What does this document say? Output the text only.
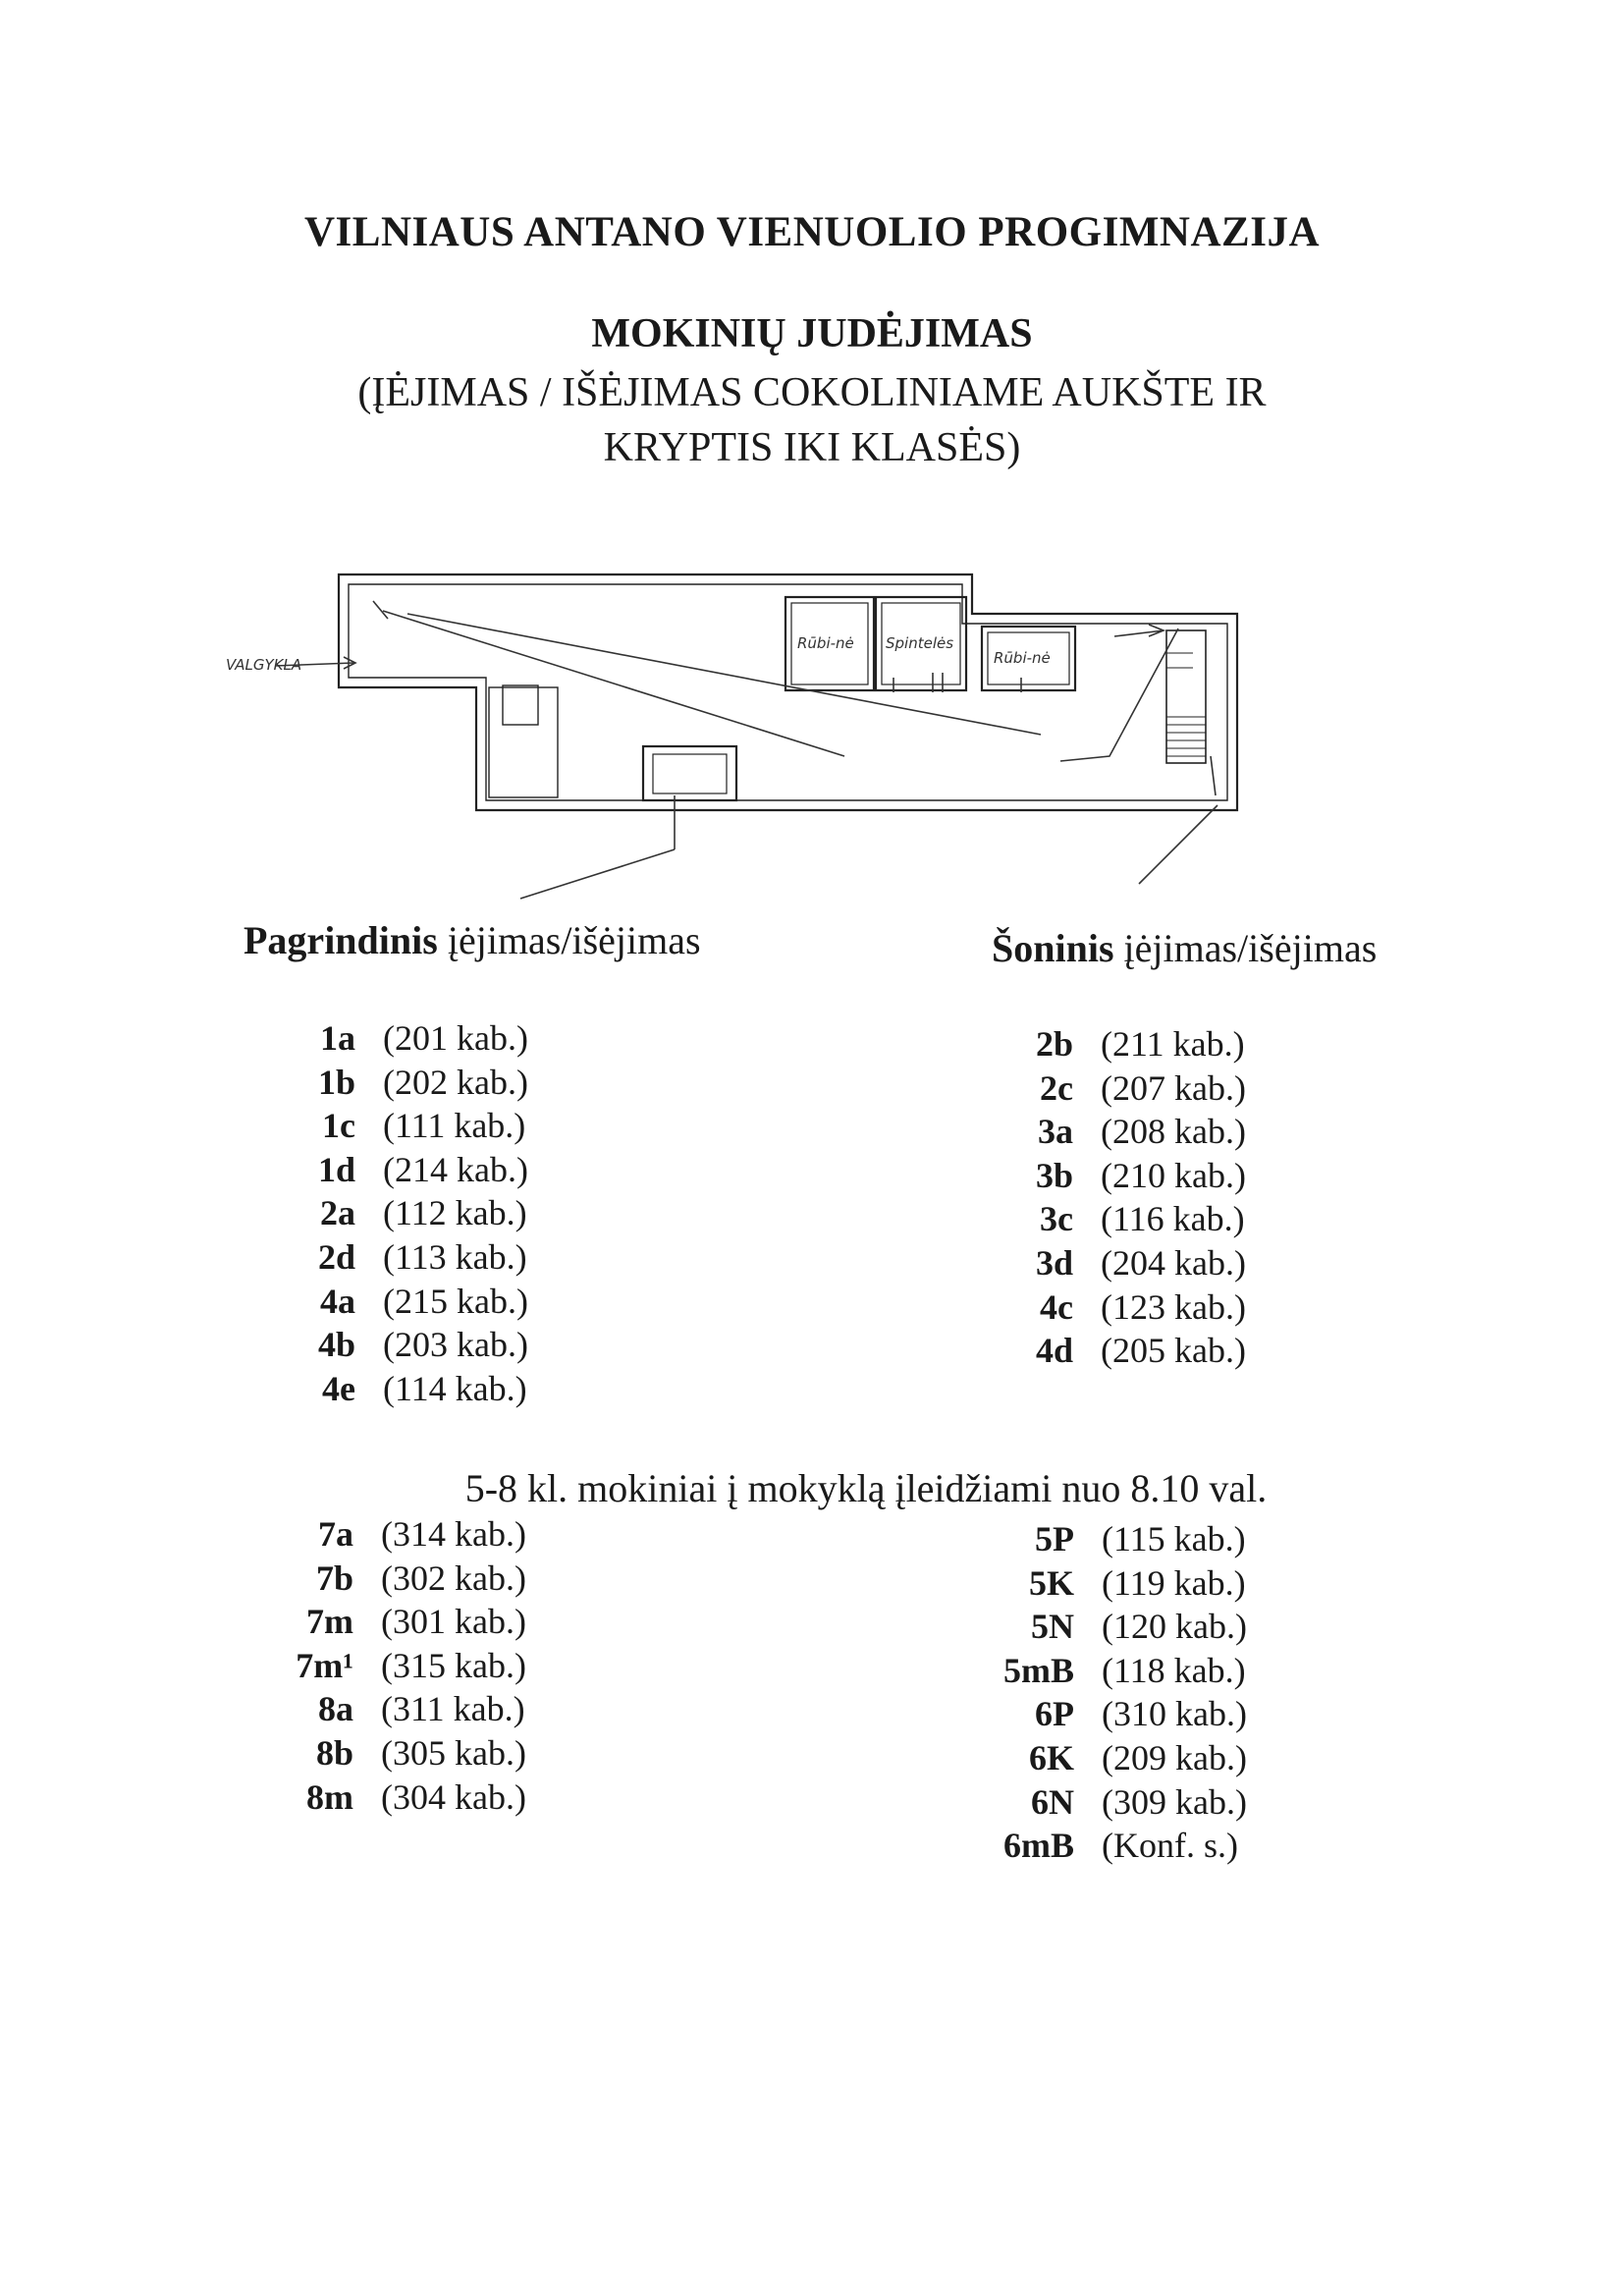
VILNIAUS ANTANO VIENUOLIO PROGIMNAZIJA
MOKINIŲ JUDĖJIMAS
(ĮĖJIMAS / IŠĖJIMAS COKOLINIAME AUKŠTE IR
KRYPTIS IKI KLASĖS)
VALGYKLA
Rūbi-nė Spintelės
Rūbi-nė
Pagrindinis įėjimas/išėjimas	Šoninis įėjimas/išėjimas
1a (201 kab.)
1b (202 kab.)
1c (111 kab.)
1d (214 kab.)
2a (112 kab.)
2d (113 kab.)
4a (215 kab.)
4b (203 kab.)
4e (114 kab.)
2b (211 kab.)
2c (207 kab.)
3a (208 kab.)
3b (210 kab.)
3c (116 kab.)
3d (204 kab.)
4c (123 kab.)
4d (205 kab.)
5-8 kl. mokiniai į mokyklą įleidžiami nuo 8.10 val.
7a (314 kab.)
7b (302 kab.)
7m (301 kab.)
7m¹ (315 kab.)
8a (311 kab.)
8b (305 kab.)
8m (304 kab.)
5P (115 kab.)
5K (119 kab.)
5N (120 kab.)
5mB (118 kab.)
6P (310 kab.)
6K (209 kab.)
6N (309 kab.)
6mB (Konf. s.)
